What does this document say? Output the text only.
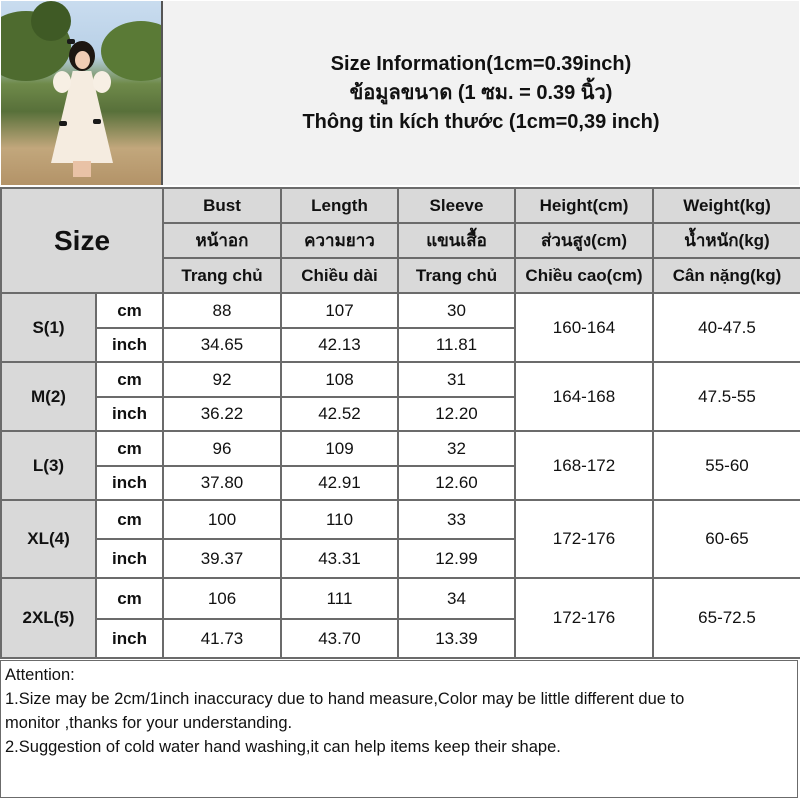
Size Information(1cm=0.39inch)
ข้อมูลขนาด (1 ซม. = 0.39 นิ้ว)
Thông tin kích thước (1cm=0,39 inch)
Size		Bust	Length	Sleeve	Height(cm)	Weight(kg)
		หน้าอก	ความยาว	แขนเสื้อ	ส่วนสูง(cm)	น้ำหนัก(kg)
		Trang chủ	Chiều dài	Trang chủ	Chiều cao(cm)	Cân nặng(kg)
S(1)	cm	88	107	30	160-164	40-47.5
	inch	34.65	42.13	11.81		
M(2)	cm	92	108	31	164-168	47.5-55
	inch	36.22	42.52	12.20		
L(3)	cm	96	109	32	168-172	55-60
	inch	37.80	42.91	12.60		
XL(4)	cm	100	110	33	172-176	60-65
	inch	39.37	43.31	12.99		
2XL(5)	cm	106	111	34	172-176	65-72.5
	inch	41.73	43.70	13.39		

Attention:

1.Size may be 2cm/1inch inaccuracy due to hand measure,Color may be little different due to

monitor ,thanks for your understanding.

2.Suggestion of cold water hand washing,it can help items keep their shape.
